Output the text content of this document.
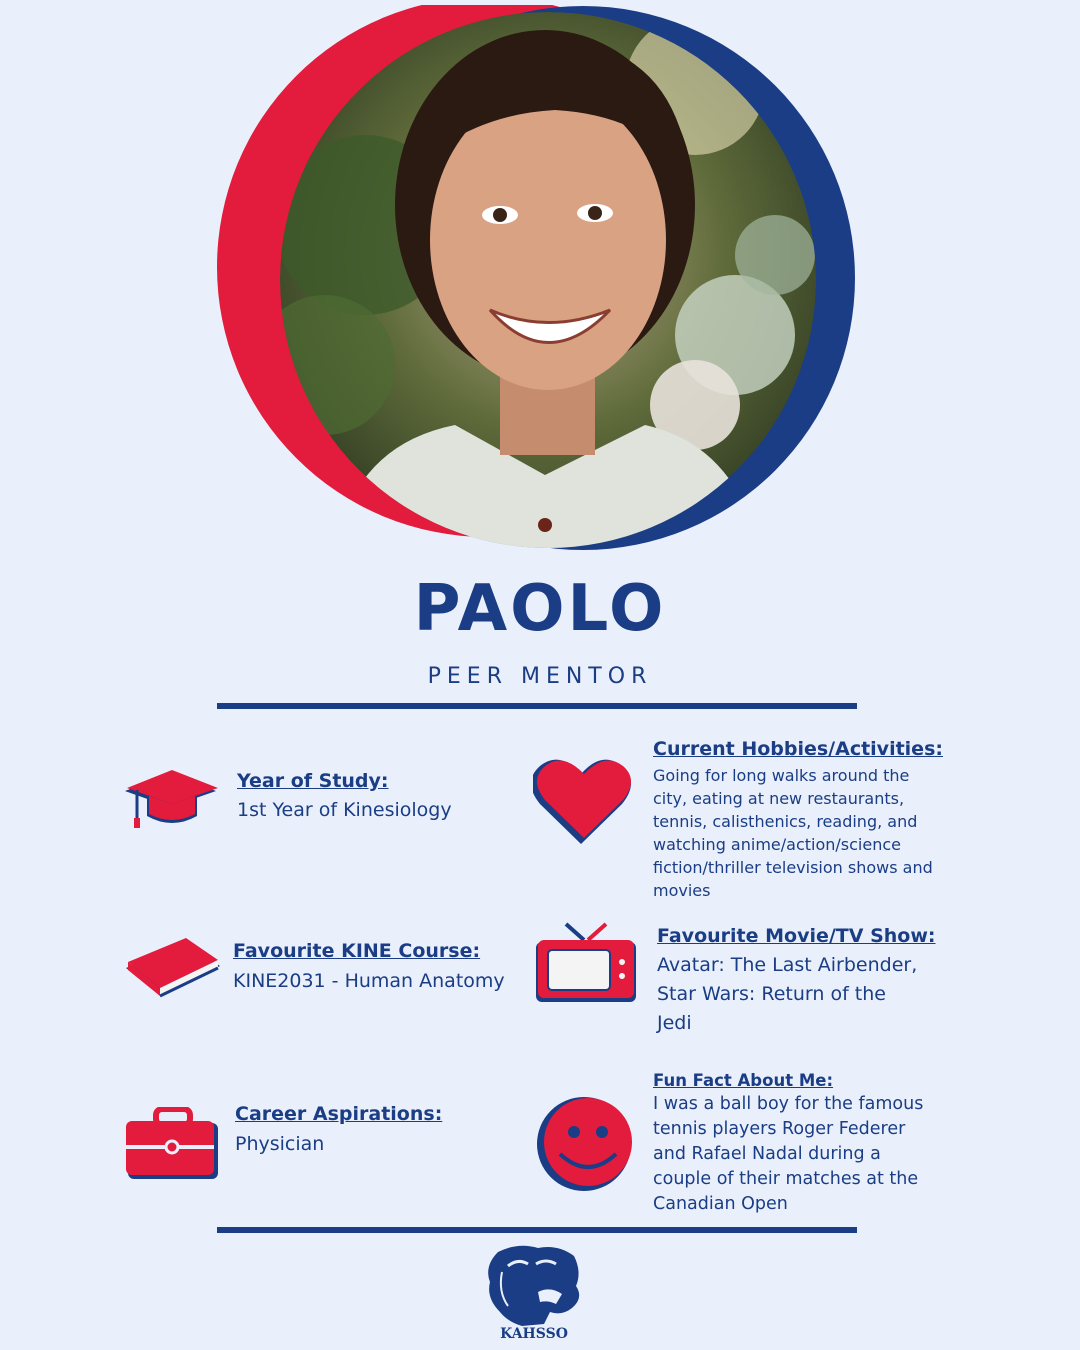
PAOLO
PEER MENTOR
Year of Study:
1st Year of Kinesiology
Favourite KINE Course:
KINE2031 - Human Anatomy
Career Aspirations:
Physician
Current Hobbies/Activities:
Going for long walks around the
city, eating at new restaurants,
tennis, calisthenics, reading, and
watching anime/action/science
fiction/thriller television shows and
movies
Favourite Movie/TV Show:
Avatar: The Last Airbender,
Star Wars: Return of the
Jedi
Fun Fact About Me:
I was a ball boy for the famous
tennis players Roger Federer
and Rafael Nadal during a
couple of their matches at the
Canadian Open
KAHSSO
